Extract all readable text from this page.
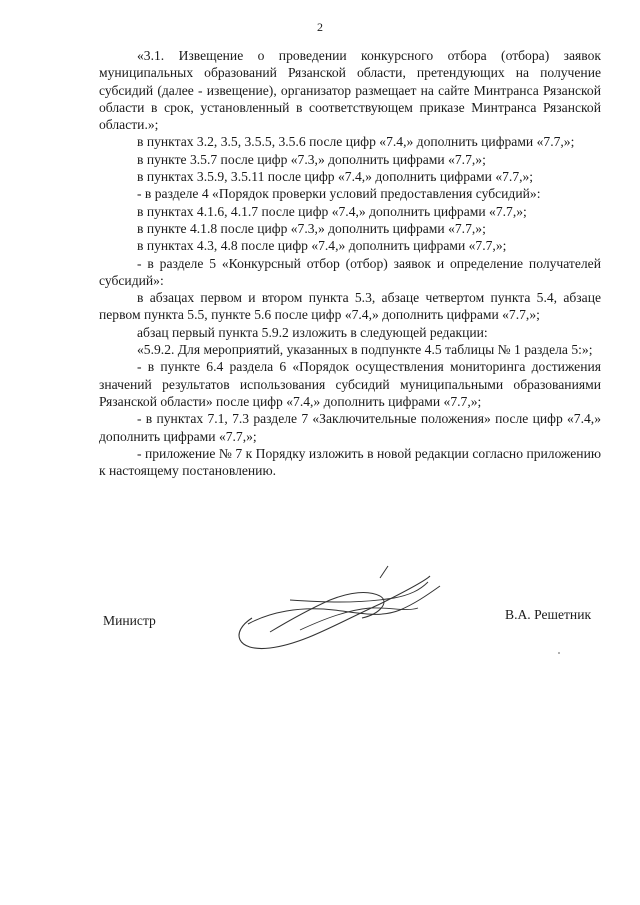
2

«3.1. Извещение о проведении конкурсного отбора (отбора) заявок муниципальных образований Рязанской области, претендующих на получение субсидий (далее - извещение), организатор размещает на сайте Минтранса Рязанской области в срок, установленный в соответствующем приказе Минтранса Рязанской области.»;

в пунктах 3.2, 3.5, 3.5.5, 3.5.6 после цифр «7.4,» дополнить цифрами «7.7,»;

в пункте 3.5.7 после цифр «7.3,» дополнить цифрами «7.7,»;

в пунктах 3.5.9, 3.5.11 после цифр «7.4,» дополнить цифрами «7.7,»;

- в разделе 4 «Порядок проверки условий предоставления субсидий»:

в пунктах 4.1.6, 4.1.7 после цифр «7.4,» дополнить цифрами «7.7,»;

в пункте 4.1.8 после цифр «7.3,» дополнить цифрами «7.7,»;

в пунктах 4.3, 4.8 после цифр «7.4,» дополнить цифрами «7.7,»;

- в разделе 5 «Конкурсный отбор (отбор) заявок и определение получателей субсидий»:

в абзацах первом и втором пункта 5.3, абзаце четвертом пункта 5.4, абзаце первом пункта 5.5, пункте 5.6 после цифр «7.4,» дополнить цифрами «7.7,»;

абзац первый пункта 5.9.2 изложить в следующей редакции:

«5.9.2. Для мероприятий, указанных в подпункте 4.5 таблицы № 1 раздела 5:»;

- в пункте 6.4 раздела 6 «Порядок осуществления мониторинга достижения значений результатов использования субсидий муниципальными образованиями Рязанской области» после цифр «7.4,» дополнить цифрами «7.7,»;

- в пунктах 7.1, 7.3 разделе 7 «Заключительные положения» после цифр «7.4,» дополнить цифрами «7.7,»;

- приложение № 7 к Порядку изложить в новой редакции согласно приложению к настоящему постановлению.

Министр	В.А. Решетник
